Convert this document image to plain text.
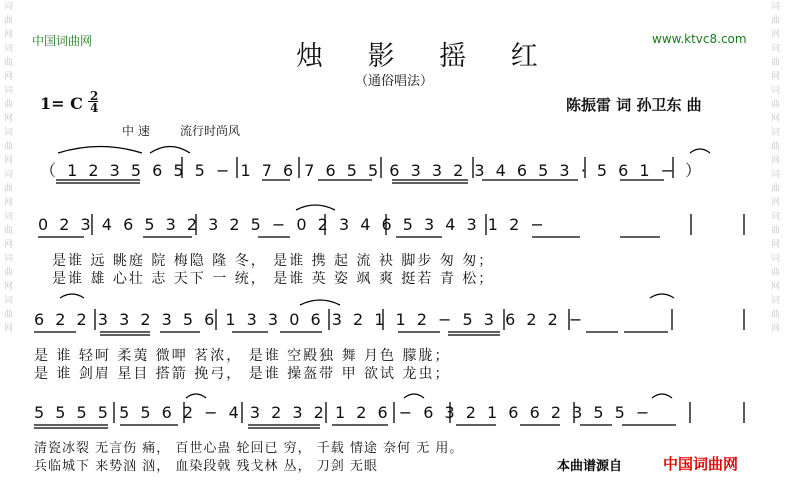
词曲网 词曲网 词曲网 词曲网 词曲网 词曲网 词曲网 词曲网
词曲网 词曲网 词曲网 词曲网 词曲网 词曲网 词曲网 词曲网
中国词曲网	www.ktvc8.com
烛 影 摇 红
（通俗唱法）
1= C 2
4	陈振雷 词 孙卫东 曲
中 速	流行时尚风
（ 1 2 3 5 6 5 5 − 1 7 6 7 6 5 5 6 3 3 2 3 4 6 5 3 · 5 6 1 − ）
0 2 3 4 6 5 3 2 3 2 5 − 0 2 3 4 6 5 3 4 3 1 2 −
是谁 远 眺庭 院 梅隐 隆 冬， 是谁 携 起 流 袂 脚步 匆 匆；
是谁 雄 心壮 志 天下 一 统， 是谁 英 姿 飒 爽 挺若 青 松；
6 2 2 3 3 2 3 5 6 1 3 3 0 6 3 2 1 1 2 − 5 3 6 2 2 −
是 谁 轻呵 柔荑 微呷 茗浓， 是谁 空殿独 舞 月色 朦胧；
是 谁 剑眉 星目 搭箭 挽弓， 是谁 操盔带 甲 欲试 龙虫；
5 5 5 5 5 5 6 2 − 4 3 2 3 2 1 2 6 − 6 3 2 1 6 6 2 3 5 5 −
清瓷冰裂 无言伤 痛， 百世心蛊 轮回已 穷， 千载 情途 奈何 无 用。
兵临城下 来势汹 汹， 血染段戟 残戈林 丛， 刀剑 无眼	本曲谱源自	中国词曲网
